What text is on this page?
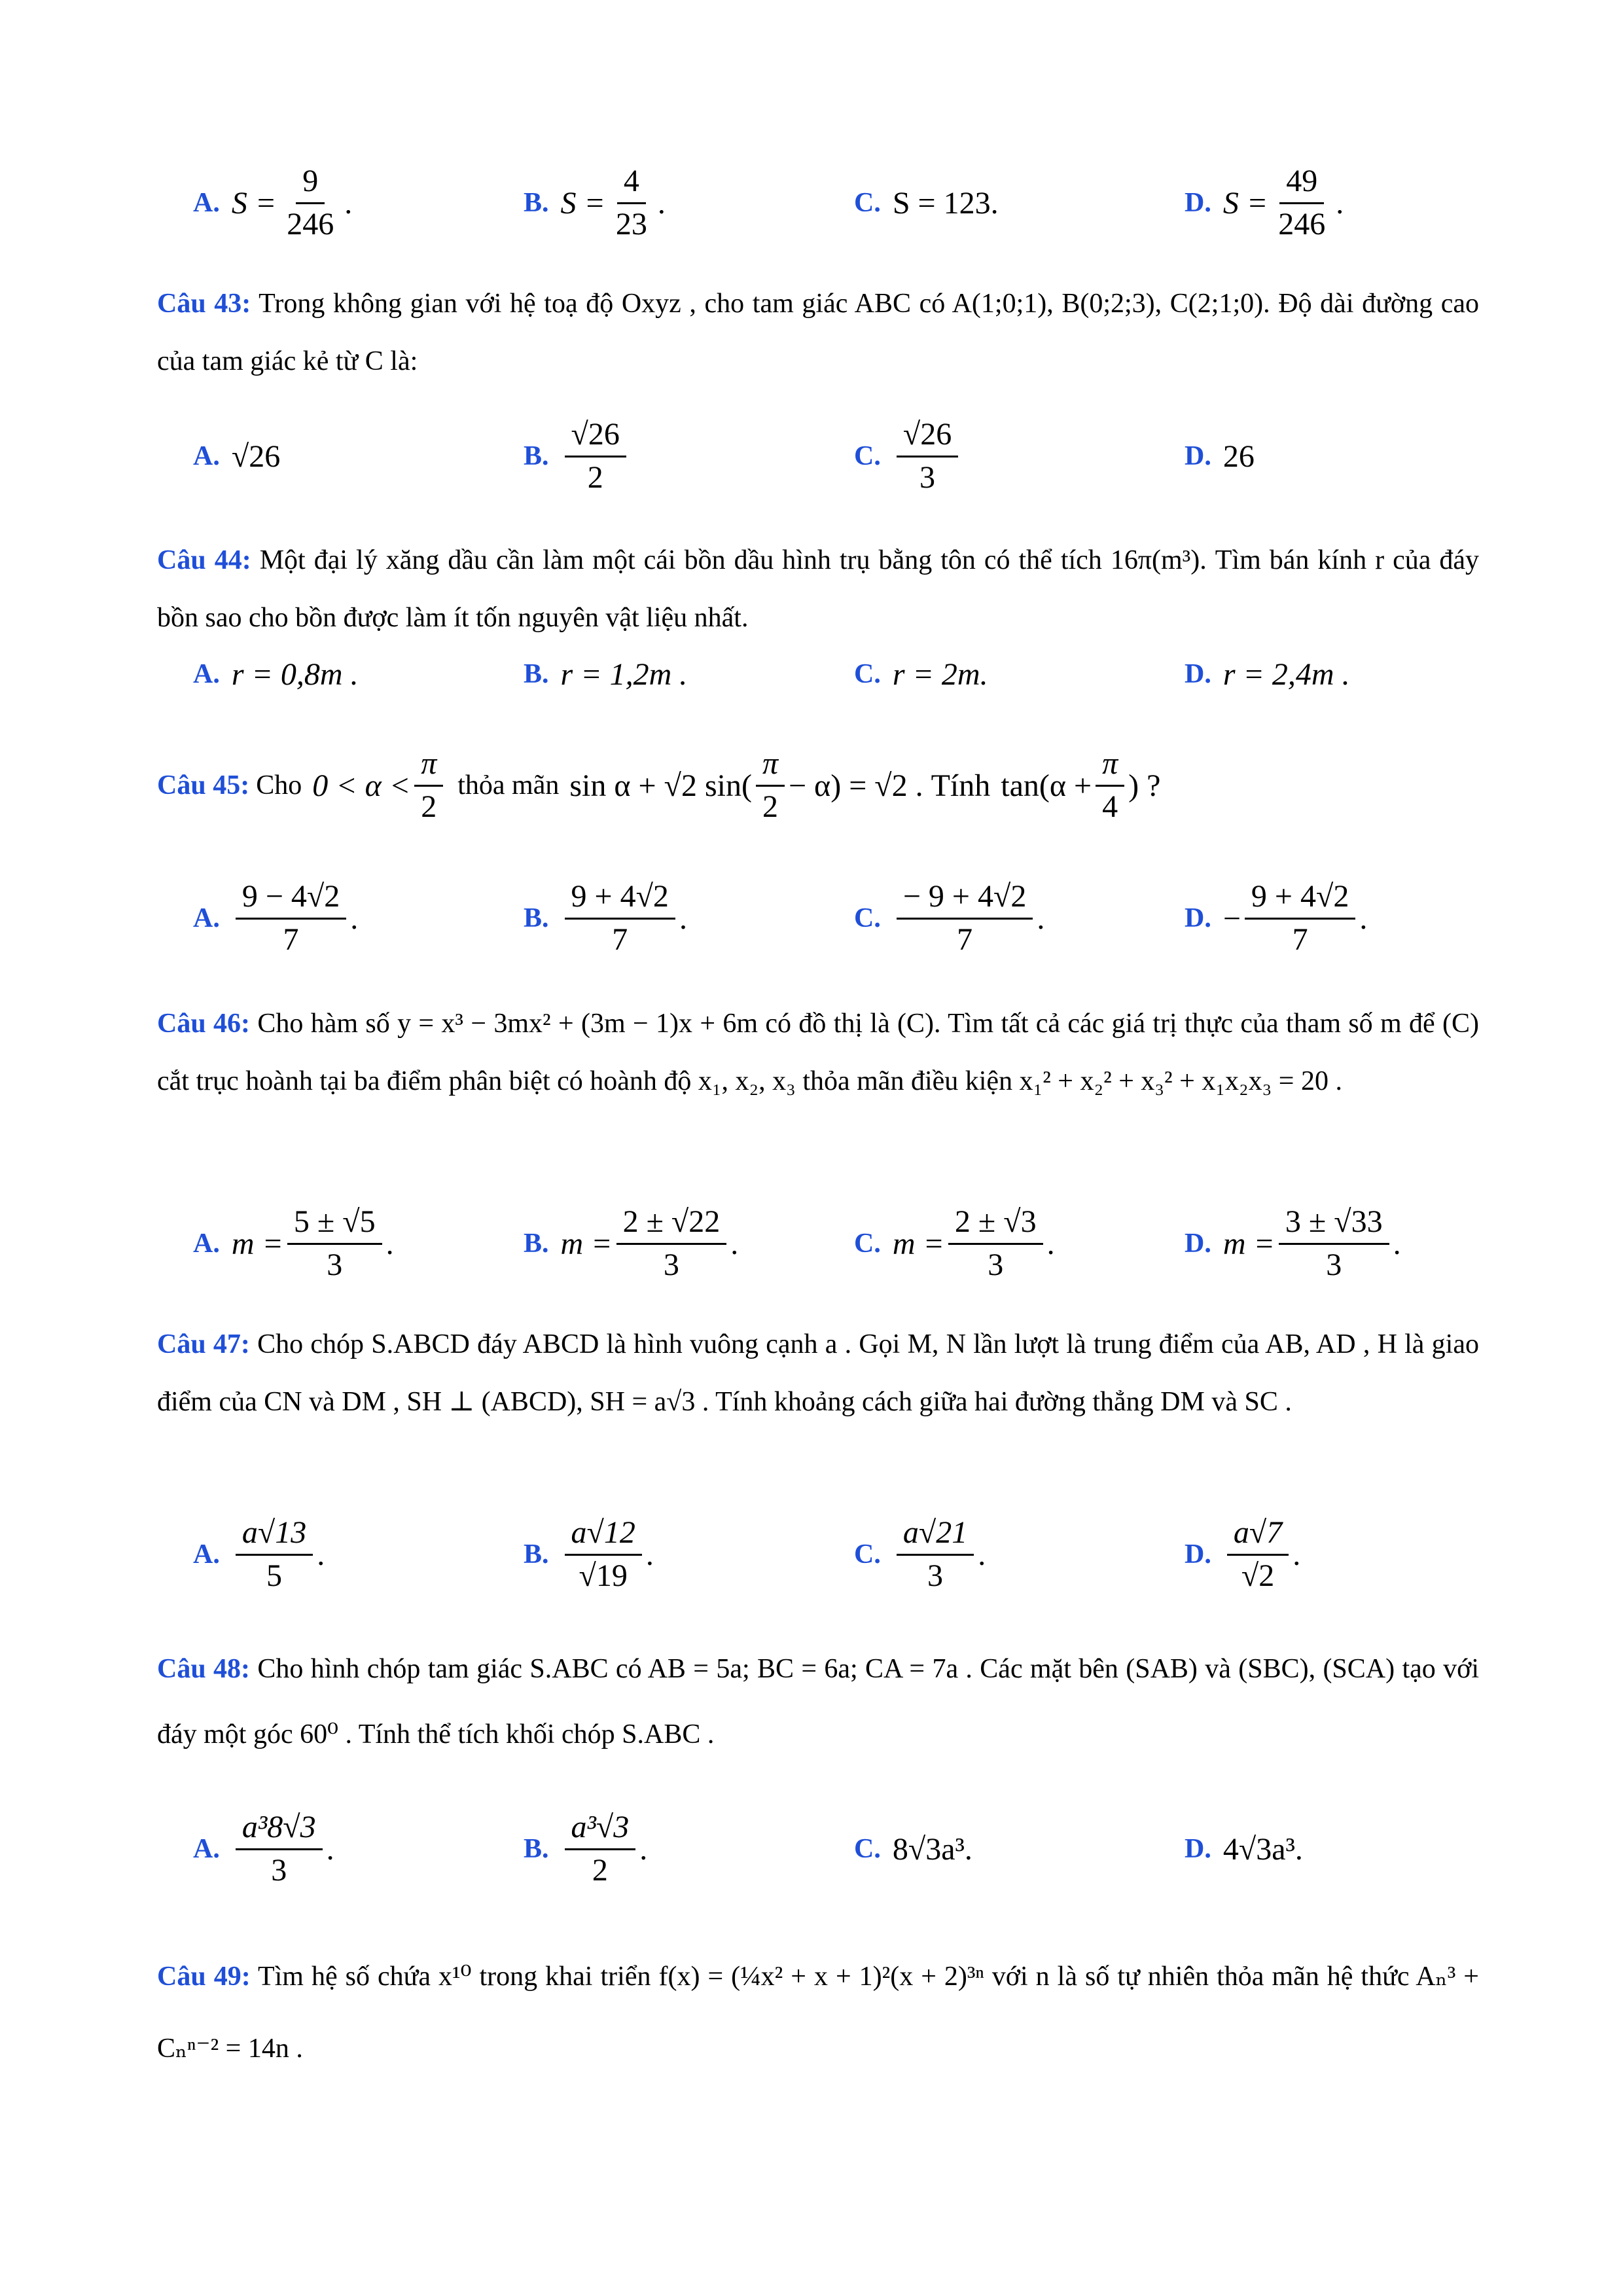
A. $S = \frac{9}{246}$ .	B. $S = \frac{4}{23}$ .	C. S = 123.	D. $S = \frac{49}{246}$ .
Câu 43: Trong không gian với hệ toạ độ Oxyz , cho tam giác ABC có A(1;0;1), B(0;2;3), C(2;1;0). Độ dài đường cao của tam giác kẻ từ C là:
A. √26	B. $\frac{√26}{2}$	C. $\frac{√26}{3}$	D. 26
Câu 44: Một đại lý xăng dầu cần làm một cái bồn dầu hình trụ bằng tôn có thể tích 16π(m³). Tìm bán kính r của đáy bồn sao cho bồn được làm ít tốn nguyên vật liệu nhất.
A. r = 0,8m .	B. r = 1,2m .	C. r = 2m.	D. r = 2,4m .
Câu 45: Cho $0 < \alpha < \frac{\pi}{2}$ thỏa mãn sin α + √2 $\sin( \frac{\pi}{2} - \alpha) = √2$ . Tính $\tan(\alpha + \frac{\pi}{4}$ ) ?
A. $\frac{9 - 4√2}{7}$ .	B. $\frac{9 + 4√2}{7}$ .	C. $\frac{- 9 + 4√2}{7}$ .	D. − $\frac{9 + 4√2}{7}$ .
Câu 46: Cho hàm số y = x³ − 3mx² + (3m − 1)x + 6m có đồ thị là (C). Tìm tất cả các giá trị thực của tham số m để (C) cắt trục hoành tại ba điểm phân biệt có hoành độ x₁, x₂, x₃ thỏa mãn điều kiện x₁² + x₂² + x₃² + x₁x₂x₃ = 20 .
A. $m = \frac{5 \pm √5}{3}$ .	B. $m = \frac{2 \pm √22}{3}$ .	C. $m = \frac{2 \pm √3}{3}$ .	D. $m = \frac{3 \pm √33}{3}$ .
Câu 47: Cho chóp S.ABCD đáy ABCD là hình vuông cạnh a . Gọi M, N lần lượt là trung điểm của AB, AD , H là giao điểm của CN và DM , SH ⊥ (ABCD), SH = a√3 . Tính khoảng cách giữa hai đường thẳng DM và SC .
A. $\frac{a√13}{5}$ .	B. $\frac{a√12}{√19}$ .	C. $\frac{a√21}{3}$ .	D. $\frac{a√7}{√2}$ .
Câu 48: Cho hình chóp tam giác S.ABC có AB = 5a; BC = 6a; CA = 7a . Các mặt bên (SAB) và (SBC), (SCA) tạo với đáy một góc 60⁰ . Tính thể tích khối chóp S.ABC .
A. $\frac{\text{a³8√3}}{3}$ .	B. $\frac{\text{a³√3}}{2}$ .	C. 8√3a³.	D. 4√3a³.
Câu 49: Tìm hệ số chứa x¹⁰ trong khai triển f(x) = (¼x² + x + 1)²(x + 2)³ⁿ với n là số tự nhiên thỏa mãn hệ thức Aₙ³ + Cₙⁿ⁻² = 14n .
